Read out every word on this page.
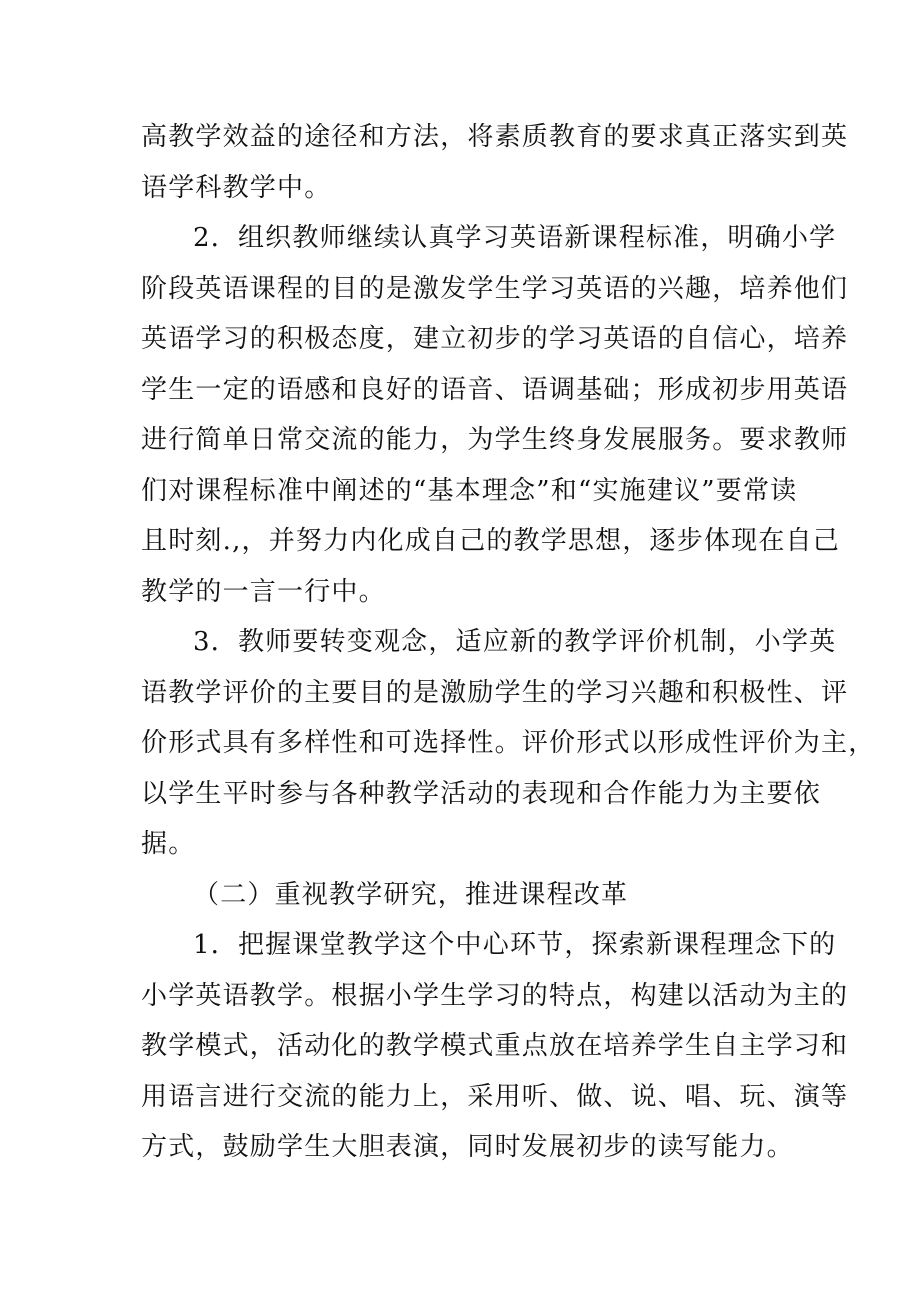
高教学效益的途径和方法，将素质教育的要求真正落实到英
语学科教学中。
2．组织教师继续认真学习英语新课程标准，明确小学
阶段英语课程的目的是激发学生学习英语的兴趣，培养他们
英语学习的积极态度，建立初步的学习英语的自信心，培养
学生一定的语感和良好的语音、语调基础；形成初步用英语
进行简单日常交流的能力，为学生终身发展服务。要求教师
们对课程标准中阐述的“基本理念”和“实施建议”要常读
且时刻.,，并努力内化成自己的教学思想，逐步体现在自己
教学的一言一行中。
3．教师要转变观念，适应新的教学评价机制，小学英
语教学评价的主要目的是激励学生的学习兴趣和积极性、评
价形式具有多样性和可选择性。评价形式以形成性评价为主，
以学生平时参与各种教学活动的表现和合作能力为主要依
据。
（二）重视教学研究，推进课程改革
1．把握课堂教学这个中心环节，探索新课程理念下的
小学英语教学。根据小学生学习的特点，构建以活动为主的
教学模式，活动化的教学模式重点放在培养学生自主学习和
用语言进行交流的能力上，采用听、做、说、唱、玩、演等
方式，鼓励学生大胆表演，同时发展初步的读写能力。
